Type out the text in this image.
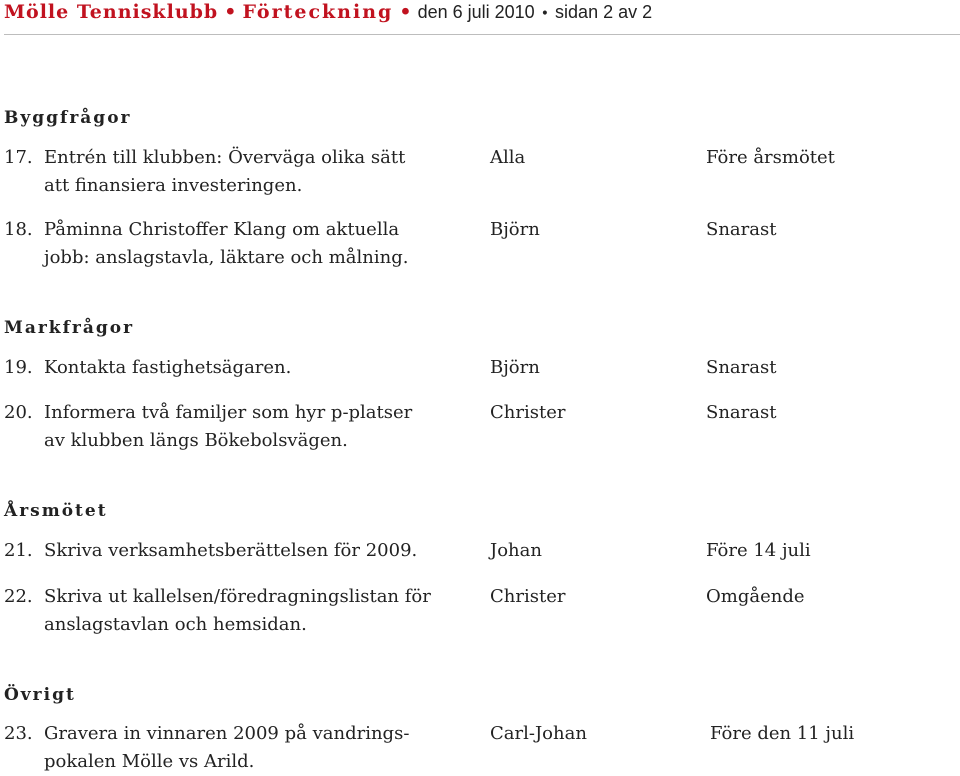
Mölle Tennisklubb • Förteckning • den 6 juli 2010 • sidan 2 av 2
Byggfrågor
17. Entrén till klubben: Överväga olika sätt
att finansiera investeringen.
Alla	Före årsmötet
18. Påminna Christoffer Klang om aktuella
jobb: anslagstavla, läktare och målning.
Björn	Snarast
Markfrågor
19. Kontakta fastighetsägaren.	Björn	Snarast
20. Informera två familjer som hyr p-platser
av klubben längs Bökebolsvägen.
Christer	Snarast
Årsmötet
21. Skriva verksamhetsberättelsen för 2009.	Johan	Före 14 juli
22. Skriva ut kallelsen/föredragningslistan för
anslagstavlan och hemsidan.
Christer	Omgående
Övrigt
23. Gravera in vinnaren 2009 på vandrings-
pokalen Mölle vs Arild.
Carl-Johan	Före den 11 juli
